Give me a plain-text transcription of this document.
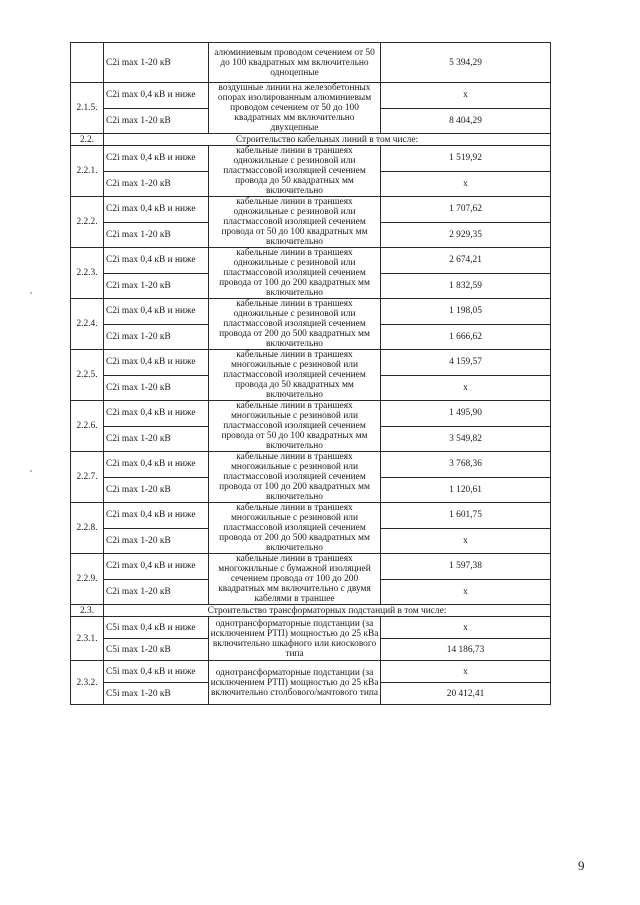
	C2i max 1-20 кВ	алюминиевым проводом сечением от 50 до 100 квадратных мм включительно одноцепные	5 394,29
2.1.5.	C2i max 0,4 кВ и ниже	воздушные линии на железобетонных опорах изолированным алюминиевым проводом сечением от 50 до 100 квадратных мм включительно двухцепные	x
	C2i max 1-20 кВ		8 404,29
2.2.	Строительство кабельных линий в том числе:		
2.2.1.	C2i max 0,4 кВ и ниже	кабельные линии в траншеях одножильные с резиновой или пластмассовой изоляцией сечением провода до 50 квадратных мм включительно	1 519,92
	C2i max 1-20 кВ		x
2.2.2.	C2i max 0,4 кВ и ниже	кабельные линии в траншеях одножильные с резиновой или пластмассовой изоляцией сечением провода от 50 до 100 квадратных мм включительно	1 707,62
	C2i max 1-20 кВ		2 929,35
2.2.3.	C2i max 0,4 кВ и ниже	кабельные линии в траншеях одножильные с резиновой или пластмассовой изоляцией сечением провода от 100 до 200 квадратных мм включительно	2 674,21
	C2i max 1-20 кВ		1 832,59
2.2.4.	C2i max 0,4 кВ и ниже	кабельные линии в траншеях одножильные с резиновой или пластмассовой изоляцией сечением провода от 200 до 500 квадратных мм включительно	1 198,05
	C2i max 1-20 кВ		1 666,62
2.2.5.	C2i max 0,4 кВ и ниже	кабельные линии в траншеях многожильные с резиновой или пластмассовой изоляцией сечением провода до 50 квадратных мм включительно	4 159,57
	C2i max 1-20 кВ		x
2.2.6.	C2i max 0,4 кВ и ниже	кабельные линии в траншеях многожильные с резиновой или пластмассовой изоляцией сечением провода от 50 до 100 квадратных мм включительно	1 495,90
	C2i max 1-20 кВ		3 549,82
2.2.7.	C2i max 0,4 кВ и ниже	кабельные линии в траншеях многожильные с резиновой или пластмассовой изоляцией сечением провода от 100 до 200 квадратных мм включительно	3 768,36
	C2i max 1-20 кВ		1 120,61
2.2.8.	C2i max 0,4 кВ и ниже	кабельные линии в траншеях многожильные с резиновой или пластмассовой изоляцией сечением провода от 200 до 500 квадратных мм включительно	1 601,75
	C2i max 1-20 кВ		x
2.2.9.	C2i max 0,4 кВ и ниже	кабельные линии в траншеях многожильные с бумажной изоляцией сечением провода от 100 до 200 квадратных мм включительно с двумя кабелями в траншее	1 597,38
	C2i max 1-20 кВ		x
2.3.	Строительство трансформаторных подстанций в том числе:		
2.3.1.	C5i max 0,4 кВ и ниже	однотрансформаторные подстанции (за исключением РТП) мощностью до 25 кВа включительно шкафного или киоскового типа	x
	C5i max 1-20 кВ		14 186,73
2.3.2.	C5i max 0,4 кВ и ниже	однотрансформаторные подстанции (за исключением РТП) мощностью до 25 кВа включительно столбового/мачтового типа	x
	C5i max 1-20 кВ		20 412,41
9
